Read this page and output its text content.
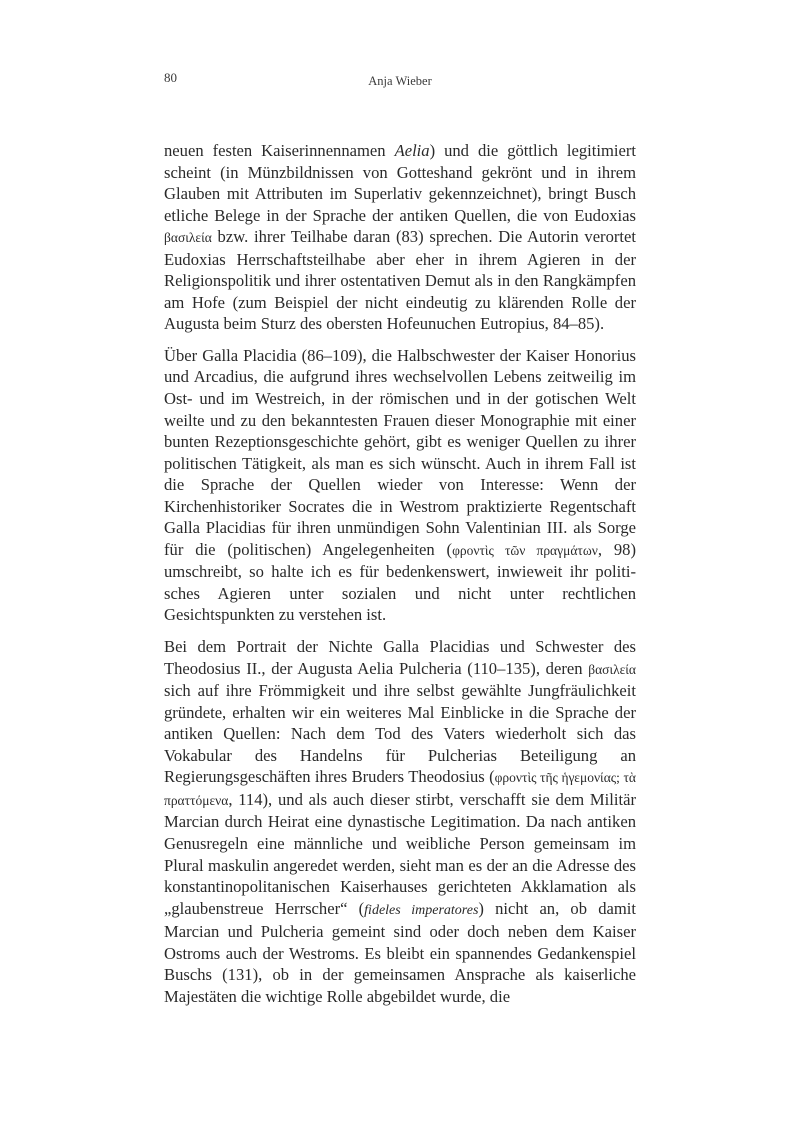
80	Anja Wieber

neuen festen Kaiserinnennamen Aelia) und die göttlich legitimiert scheint (in Münzbildnissen von Gotteshand gekrönt und in ihrem Glauben mit Attributen im Superlativ gekennzeichnet), bringt Busch etliche Belege in der Sprache der antiken Quellen, die von Eudoxias βασιλεία bzw. ihrer Teilhabe daran (83) sprechen. Die Autorin verortet Eudoxias Herrschaftsteilhabe aber eher in ihrem Agieren in der Religionspolitik und ihrer ostentativen Demut als in den Rangkämpfen am Hofe (zum Beispiel der nicht eindeutig zu klärenden Rolle der Augusta beim Sturz des obersten Hofeunuchen Eutropius, 84–85).

Über Galla Placidia (86–109), die Halbschwester der Kaiser Honorius und Arcadius, die aufgrund ihres wechselvollen Lebens zeitweilig im Ost- und im Westreich, in der römischen und in der gotischen Welt weilte und zu den bekanntesten Frauen dieser Monographie mit einer bunten Rezeptionsgeschichte gehört, gibt es weniger Quellen zu ihrer politischen Tätigkeit, als man es sich wünscht. Auch in ihrem Fall ist die Sprache der Quellen wieder von Interesse: Wenn der Kirchenhistoriker Socrates die in Westrom praktizierte Regentschaft Galla Placidias für ihren unmündigen Sohn Valentinian III. als Sorge für die (politischen) Angelegenheiten (φροντὶς τῶν πραγμάτων, 98) umschreibt, so halte ich es für bedenkenswert, inwieweit ihr politisches Agieren unter sozialen und nicht unter rechtlichen Gesichtspunkten zu verstehen ist.

Bei dem Portrait der Nichte Galla Placidias und Schwester des Theodosius II., der Augusta Aelia Pulcheria (110–135), deren βασιλεία sich auf ihre Frömmigkeit und ihre selbst gewählte Jungfräulichkeit gründete, erhalten wir ein weiteres Mal Einblicke in die Sprache der antiken Quellen: Nach dem Tod des Vaters wiederholt sich das Vokabular des Handelns für Pulcherias Beteiligung an Regierungsgeschäften ihres Bruders Theodosius (φροντὶς τῆς ἡγεμονίας; τὰ πραττόμενα, 114), und als auch dieser stirbt, verschafft sie dem Militär Marcian durch Heirat eine dynastische Legitimation. Da nach antiken Genusregeln eine männliche und weibliche Person gemeinsam im Plural maskulin angeredet werden, sieht man es der an die Adresse des konstantinopolitanischen Kaiserhauses gerichteten Akklamation als „glaubenstreue Herrscher“ (fideles imperatores) nicht an, ob damit Marcian und Pulcheria gemeint sind oder doch neben dem Kaiser Ostroms auch der Westroms. Es bleibt ein spannendes Gedankenspiel Buschs (131), ob in der gemeinsamen Ansprache als kaiserliche Majestäten die wichtige Rolle abgebildet wurde, die
